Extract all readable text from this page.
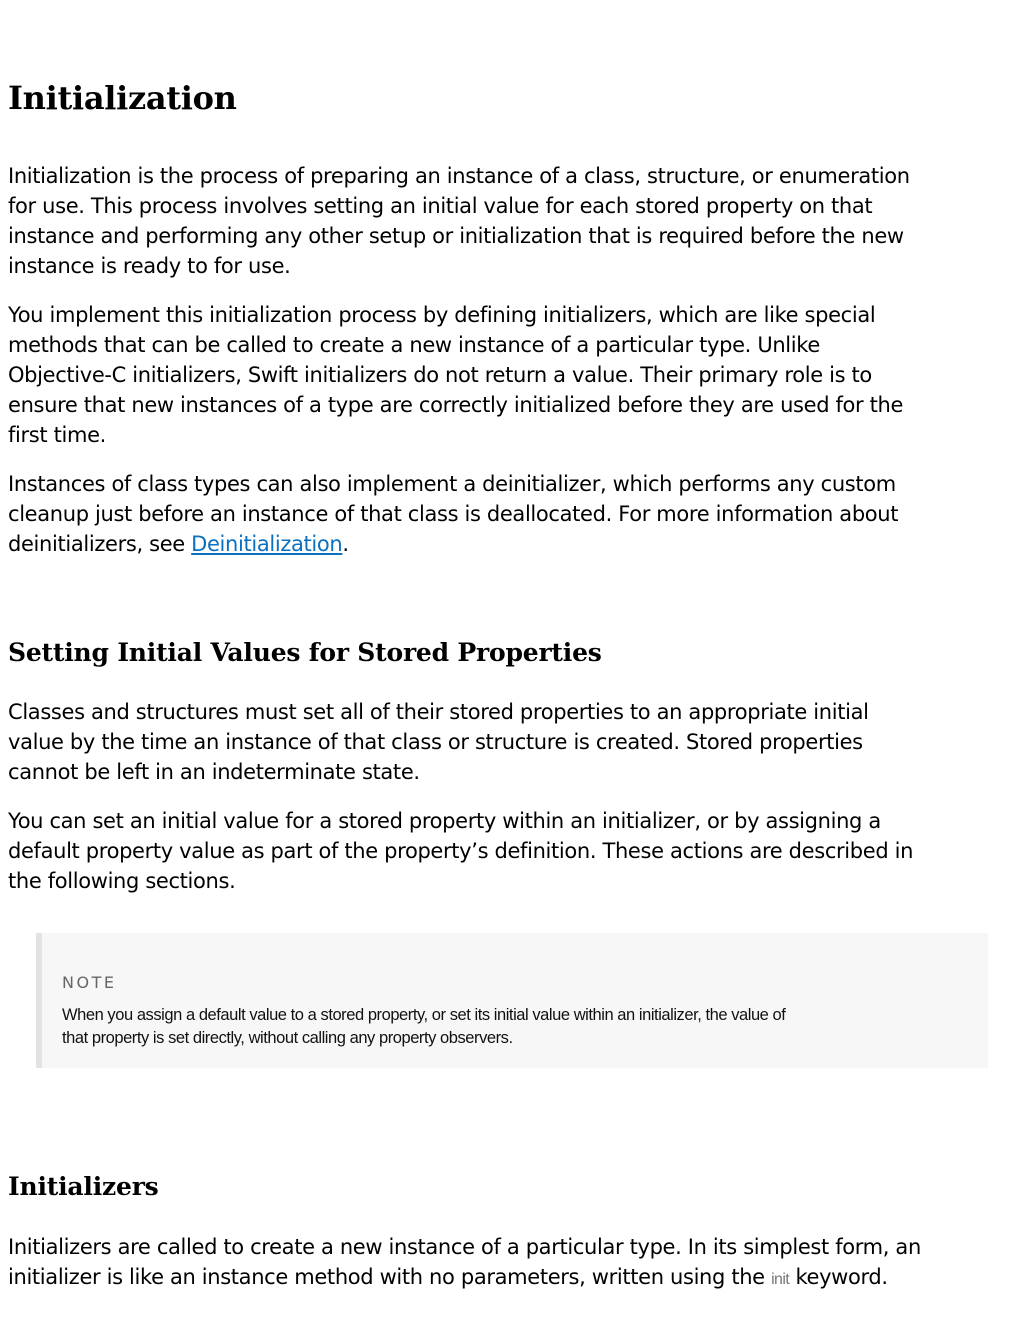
Initialization

Initialization is the process of preparing an instance of a class, structure, or enumeration
for use. This process involves setting an initial value for each stored property on that
instance and performing any other setup or initialization that is required before the new
instance is ready to for use.

You implement this initialization process by defining initializers, which are like special
methods that can be called to create a new instance of a particular type. Unlike
Objective-C initializers, Swift initializers do not return a value. Their primary role is to
ensure that new instances of a type are correctly initialized before they are used for the
first time.

Instances of class types can also implement a deinitializer, which performs any custom
cleanup just before an instance of that class is deallocated. For more information about
deinitializers, see Deinitialization.

Setting Initial Values for Stored Properties

Classes and structures must set all of their stored properties to an appropriate initial
value by the time an instance of that class or structure is created. Stored properties
cannot be left in an indeterminate state.

You can set an initial value for a stored property within an initializer, or by assigning a
default property value as part of the property’s definition. These actions are described in
the following sections.

NOTE

When you assign a default value to a stored property, or set its initial value within an initializer, the value of
that property is set directly, without calling any property observers.

Initializers

Initializers are called to create a new instance of a particular type. In its simplest form, an
initializer is like an instance method with no parameters, written using the init keyword.
